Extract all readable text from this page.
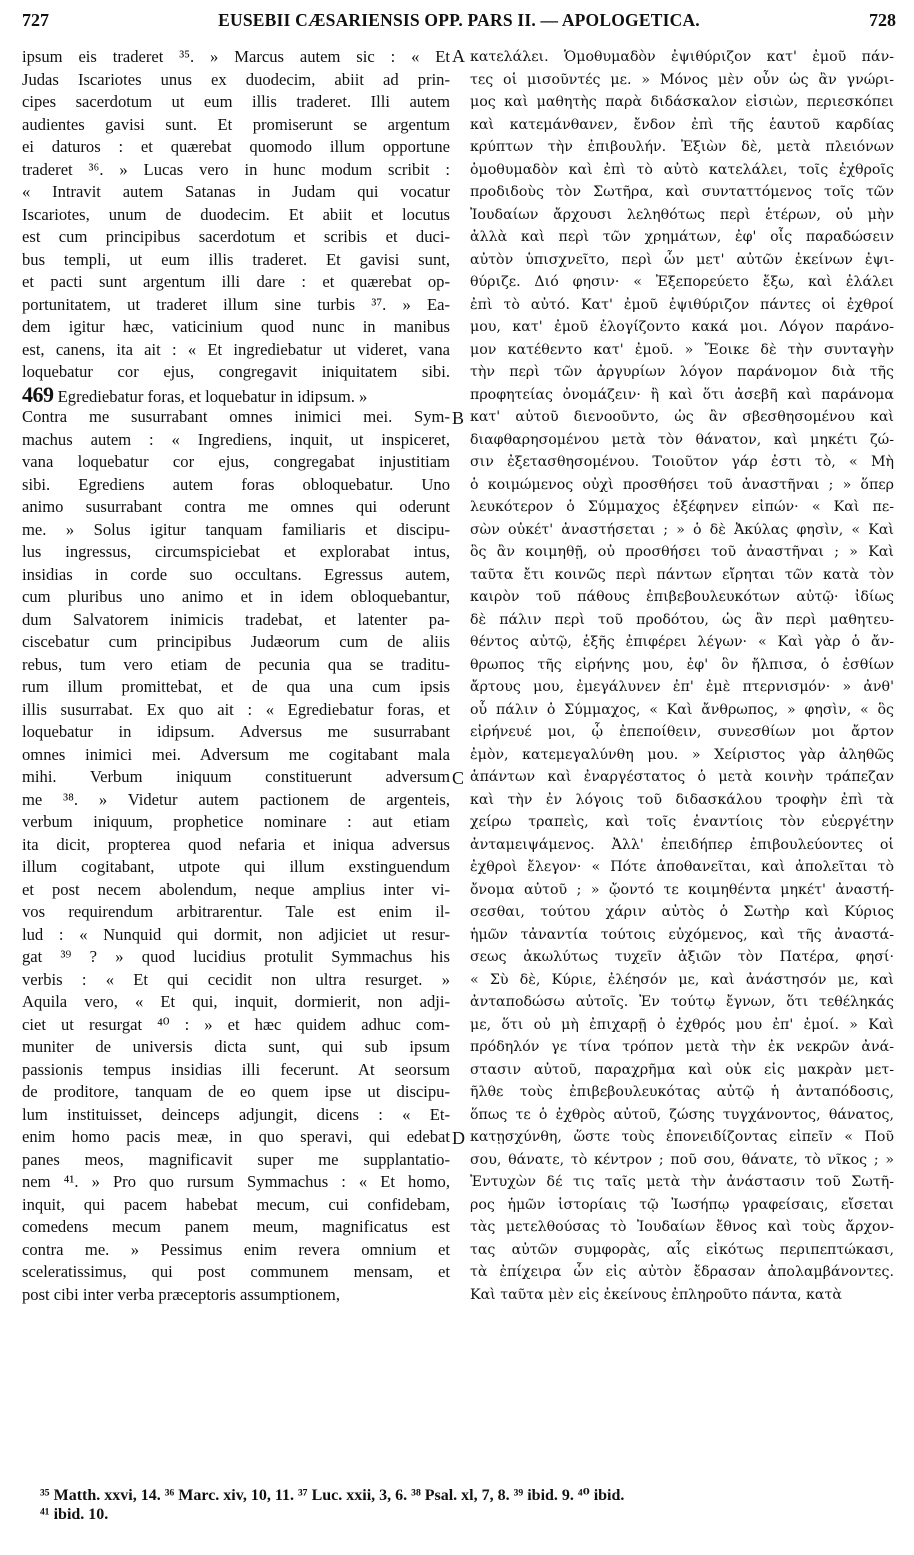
727	EUSEBII CÆSARIENSIS OPP. PARS II. — APOLOGETICA.	728
ipsum eis traderet ³⁵. » Marcus autem sic : « Et
Judas Iscariotes unus ex duodecim, abiit ad prin-
cipes sacerdotum ut eum illis traderet. Illi autem
audientes gavisi sunt. Et promiserunt se argentum
ei daturos : et quærebat quomodo illum opportune
traderet ³⁶. » Lucas vero in hunc modum scribit :
« Intravit autem Satanas in Judam qui vocatur
Iscariotes, unum de duodecim. Et abiit et locutus
est cum principibus sacerdotum et scribis et duci-
bus templi, ut eum illis traderet. Et gavisi sunt,
et pacti sunt argentum illi dare : et quærebat op-
portunitatem, ut traderet illum sine turbis ³⁷. » Ea-
dem igitur hæc, vaticinium quod nunc in manibus
est, canens, ita ait : « Et ingrediebatur ut videret, vana
loquebatur cor ejus, congregavit iniquitatem sibi.
469 Egrediebatur foras, et loquebatur in idipsum. »
Contra me susurrabant omnes inimici mei. Sym-
machus autem : « Ingrediens, inquit, ut inspiceret,
vana loquebatur cor ejus, congregabat injustitiam
sibi. Egrediens autem foras obloquebatur. Uno
animo susurrabant contra me omnes qui oderunt
me. » Solus igitur tanquam familiaris et discipu-
lus ingressus, circumspiciebat et explorabat intus,
insidias in corde suo occultans. Egressus autem,
cum pluribus uno animo et in idem obloquebantur,
dum Salvatorem inimicis tradebat, et latenter pa-
ciscebatur cum principibus Judæorum cum de aliis
rebus, tum vero etiam de pecunia qua se traditu-
rum illum promittebat, et de qua una cum ipsis
illis susurrabat. Ex quo ait : « Egrediebatur foras, et
loquebatur in idipsum. Adversus me susurrabant
omnes inimici mei. Adversum me cogitabant mala
mihi. Verbum iniquum constituerunt adversum
me ³⁸. » Videtur autem pactionem de argenteis,
verbum iniquum, prophetice nominare : aut etiam
ita dicit, propterea quod nefaria et iniqua adversus
illum cogitabant, utpote qui illum exstinguendum
et post necem abolendum, neque amplius inter vi-
vos requirendum arbitrarentur. Tale est enim il-
lud : « Nunquid qui dormit, non adjiciet ut resur-
gat ³⁹ ? » quod lucidius protulit Symmachus his
verbis : « Et qui cecidit non ultra resurget. »
Aquila vero, « Et qui, inquit, dormierit, non adji-
ciet ut resurgat ⁴⁰ : » et hæc quidem adhuc com-
muniter de universis dicta sunt, qui sub ipsum
passionis tempus insidias illi fecerunt. At seorsum
de proditore, tanquam de eo quem ipse ut discipu-
lum instituisset, deinceps adjungit, dicens : « Et-
enim homo pacis meæ, in quo speravi, qui edebat
panes meos, magnificavit super me supplantatio-
nem ⁴¹. » Pro quo rursum Symmachus : « Et homo,
inquit, qui pacem habebat mecum, cui confidebam,
comedens mecum panem meum, magnificatus est
contra me. » Pessimus enim revera omnium et
sceleratissimus, qui post communem mensam, et
post cibi inter verba præceptoris assumptionem,
A
B
C
D
κατελάλει. Ὁμοθυμαδὸν ἐψιθύριζον κατ' ἐμοῦ πάν-
τες οἱ μισοῦντές με. » Μόνος μὲν οὖν ὡς ἂν γνώρι-
μος καὶ μαθητὴς παρὰ διδάσκαλον εἰσιὼν, περιεσκόπει
καὶ κατεμάνθανεν, ἔνδον ἐπὶ τῆς ἑαυτοῦ καρδίας
κρύπτων τὴν ἐπιβουλήν. Ἐξιὼν δὲ, μετὰ πλειόνων
ὁμοθυμαδὸν καὶ ἐπὶ τὸ αὐτὸ κατελάλει, τοῖς ἐχθροῖς
προδιδοὺς τὸν Σωτῆρα, καὶ συνταττόμενος τοῖς τῶν
Ἰουδαίων ἄρχουσι λεληθότως περὶ ἑτέρων, οὐ μὴν
ἀλλὰ καὶ περὶ τῶν χρημάτων, ἐφ' οἷς παραδώσειν
αὐτὸν ὑπισχνεῖτο, περὶ ὧν μετ' αὐτῶν ἐκείνων ἐψι-
θύριζε. Διό φησιν· « Ἐξεπορεύετο ἔξω, καὶ ἐλάλει
ἐπὶ τὸ αὐτό. Κατ' ἐμοῦ ἐψιθύριζον πάντες οἱ ἐχθροί
μου, κατ' ἐμοῦ ἐλογίζοντο κακά μοι. Λόγον παράνο-
μον κατέθεντο κατ' ἐμοῦ. » Ἔοικε δὲ τὴν συνταγὴν
τὴν περὶ τῶν ἀργυρίων λόγον παράνομον διὰ τῆς
προφητείας ὀνομάζειν· ἢ καὶ ὅτι ἀσεβῆ καὶ παράνομα
κατ' αὐτοῦ διενοοῦντο, ὡς ἂν σβεσθησομένου καὶ
διαφθαρησομένου μετὰ τὸν θάνατον, καὶ μηκέτι ζώ-
σιν ἐξετασθησομένου. Τοιοῦτον γάρ ἐστι τὸ, « Μὴ
ὁ κοιμώμενος οὐχὶ προσθήσει τοῦ ἀναστῆναι ; » ὅπερ
λευκότερον ὁ Σύμμαχος ἐξέφηνεν εἰπών· « Καὶ πε-
σὼν οὐκέτ' ἀναστήσεται ; » ὁ δὲ Ἀκύλας φησὶν, « Καὶ
ὃς ἂν κοιμηθῇ, οὐ προσθήσει τοῦ ἀναστῆναι ; » Καὶ
ταῦτα ἔτι κοινῶς περὶ πάντων εἴρηται τῶν κατὰ τὸν
καιρὸν τοῦ πάθους ἐπιβεβουλευκότων αὐτῷ· ἰδίως
δὲ πάλιν περὶ τοῦ προδότου, ὡς ἂν περὶ μαθητευ-
θέντος αὐτῷ, ἑξῆς ἐπιφέρει λέγων· « Καὶ γὰρ ὁ ἄν-
θρωπος τῆς εἰρήνης μου, ἐφ' ὃν ἤλπισα, ὁ ἐσθίων
ἄρτους μου, ἐμεγάλυνεν ἐπ' ἐμὲ πτερνισμόν· » ἀνθ'
οὗ πάλιν ὁ Σύμμαχος, « Καὶ ἄνθρωπος, » φησὶν, « ὃς
εἰρήνευέ μοι, ᾧ ἐπεποίθειν, συνεσθίων μοι ἄρτον
ἐμὸν, κατεμεγαλύνθη μου. » Χείριστος γὰρ ἀληθῶς
ἁπάντων καὶ ἐναργέστατος ὁ μετὰ κοινὴν τράπεζαν
καὶ τὴν ἐν λόγοις τοῦ διδασκάλου τροφὴν ἐπὶ τὰ
χείρω τραπεὶς, καὶ τοῖς ἐναντίοις τὸν εὐεργέτην
ἀνταμειψάμενος. Ἀλλ' ἐπειδήπερ ἐπιβουλεύοντες οἱ
ἐχθροὶ ἔλεγον· « Πότε ἀποθανεῖται, καὶ ἀπολεῖται τὸ
ὄνομα αὐτοῦ ; » ᾤοντό τε κοιμηθέντα μηκέτ' ἀναστή-
σεσθαι, τούτου χάριν αὐτὸς ὁ Σωτὴρ καὶ Κύριος
ἡμῶν τἀναντία τούτοις εὐχόμενος, καὶ τῆς ἀναστά-
σεως ἀκωλύτως τυχεῖν ἀξιῶν τὸν Πατέρα, φησί·
« Σὺ δὲ, Κύριε, ἐλέησόν με, καὶ ἀνάστησόν με, καὶ
ἀνταποδώσω αὐτοῖς. Ἐν τούτῳ ἔγνων, ὅτι τεθέληκάς
με, ὅτι οὐ μὴ ἐπιχαρῇ ὁ ἐχθρός μου ἐπ' ἐμοί. » Καὶ
πρόδηλόν γε τίνα τρόπον μετὰ τὴν ἐκ νεκρῶν ἀνά-
στασιν αὐτοῦ, παραχρῆμα καὶ οὐκ εἰς μακρὰν μετ-
ῆλθε τοὺς ἐπιβεβουλευκότας αὐτῷ ἡ ἀνταπόδοσις,
ὅπως τε ὁ ἐχθρὸς αὐτοῦ, ζώσης τυγχάνοντος, θάνατος,
κατῃσχύνθη, ὥστε τοὺς ἐπονειδίζοντας εἰπεῖν « Ποῦ
σου, θάνατε, τὸ κέντρον ; ποῦ σου, θάνατε, τὸ νῖκος ; »
Ἐντυχὼν δέ τις ταῖς μετὰ τὴν ἀνάστασιν τοῦ Σωτῆ-
ρος ἡμῶν ἱστορίαις τῷ Ἰωσήπῳ γραφείσαις, εἴσεται
τὰς μετελθούσας τὸ Ἰουδαίων ἔθνος καὶ τοὺς ἄρχον-
τας αὐτῶν συμφορὰς, αἷς εἰκότως περιπεπτώκασι,
τὰ ἐπίχειρα ὧν εἰς αὐτὸν ἔδρασαν ἀπολαμβάνοντες.
Καὶ ταῦτα μὲν εἰς ἐκείνους ἐπληροῦτο πάντα, κατὰ
³⁵ Matth. xxvi, 14. ³⁶ Marc. xiv, 10, 11. ³⁷ Luc. xxii, 3, 6. ³⁸ Psal. xl, 7, 8. ³⁹ ibid. 9. ⁴⁰ ibid.
⁴¹ ibid. 10.
